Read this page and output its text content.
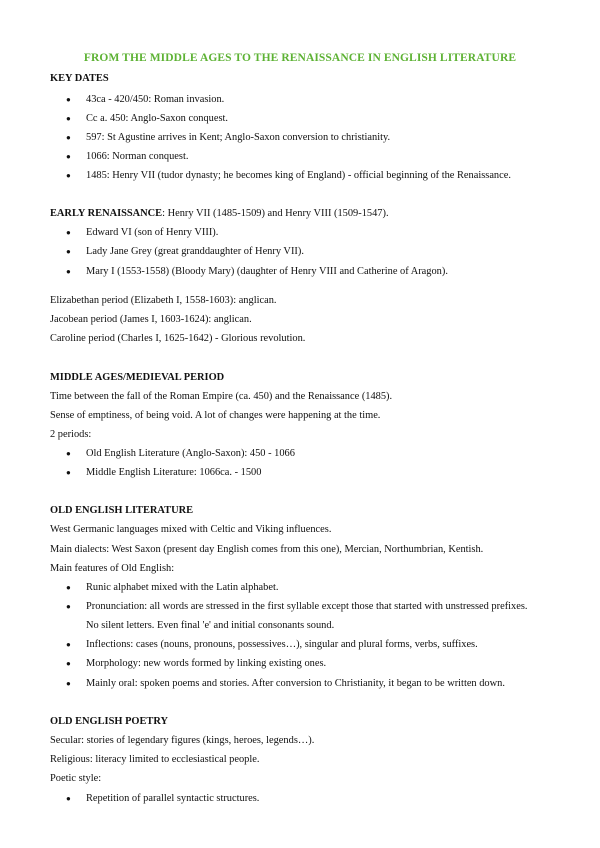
FROM THE MIDDLE AGES TO THE RENAISSANCE IN ENGLISH LITERATURE
KEY DATES
● 43ca - 420/450: Roman invasion.
● Cc a. 450: Anglo-Saxon conquest.
● 597: St Agustine arrives in Kent; Anglo-Saxon conversion to christianity.
● 1066: Norman conquest.
● 1485: Henry VII (tudor dynasty; he becomes king of England) - official beginning of the Renaissance.
EARLY RENAISSANCE: Henry VII (1485-1509) and Henry VIII (1509-1547).
● Edward VI (son of Henry VIII).
● Lady Jane Grey (great granddaughter of Henry VII).
● Mary I (1553-1558) (Bloody Mary) (daughter of Henry VIII and Catherine of Aragon).
Elizabethan period (Elizabeth I, 1558-1603): anglican.
Jacobean period (James I, 1603-1624): anglican.
Caroline period (Charles I, 1625-1642) - Glorious revolution.
MIDDLE AGES/MEDIEVAL PERIOD
Time between the fall of the Roman Empire (ca. 450) and the Renaissance (1485).
Sense of emptiness, of being void. A lot of changes were happening at the time.
2 periods:
● Old English Literature (Anglo-Saxon): 450 - 1066
● Middle English Literature: 1066ca. - 1500
OLD ENGLISH LITERATURE
West Germanic languages mixed with Celtic and Viking influences.
Main dialects: West Saxon (present day English comes from this one), Mercian, Northumbrian, Kentish.
Main features of Old English:
● Runic alphabet mixed with the Latin alphabet.
● Pronunciation: all words are stressed in the first syllable except those that started with unstressed prefixes.
No silent letters. Even final 'e' and initial consonants sound.
● Inflections: cases (nouns, pronouns, possessives…), singular and plural forms, verbs, suffixes.
● Morphology: new words formed by linking existing ones.
● Mainly oral: spoken poems and stories. After conversion to Christianity, it began to be written down.
OLD ENGLISH POETRY
Secular: stories of legendary figures (kings, heroes, legends…).
Religious: literacy limited to ecclesiastical people.
Poetic style:
● Repetition of parallel syntactic structures.
